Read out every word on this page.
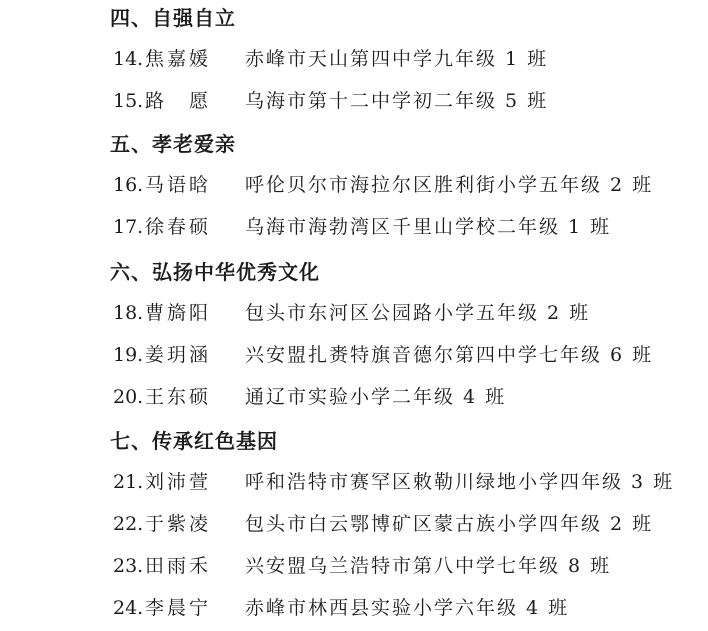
四、自强自立
14.焦嘉媛 赤峰市天山第四中学九年级 1 班
15.路　愿 乌海市第十二中学初二年级 5 班
五、孝老爱亲
16.马语晗 呼伦贝尔市海拉尔区胜利街小学五年级 2 班
17.徐春硕 乌海市海勃湾区千里山学校二年级 1 班
六、弘扬中华优秀文化
18.曹旖阳 包头市东河区公园路小学五年级 2 班
19.姜玥涵 兴安盟扎赉特旗音德尔第四中学七年级 6 班
20.王东硕 通辽市实验小学二年级 4 班
七、传承红色基因
21.刘沛萱 呼和浩特市赛罕区敕勒川绿地小学四年级 3 班
22.于紫凌 包头市白云鄂博矿区蒙古族小学四年级 2 班
23.田雨禾 兴安盟乌兰浩特市第八中学七年级 8 班
24.李晨宁 赤峰市林西县实验小学六年级 4 班
